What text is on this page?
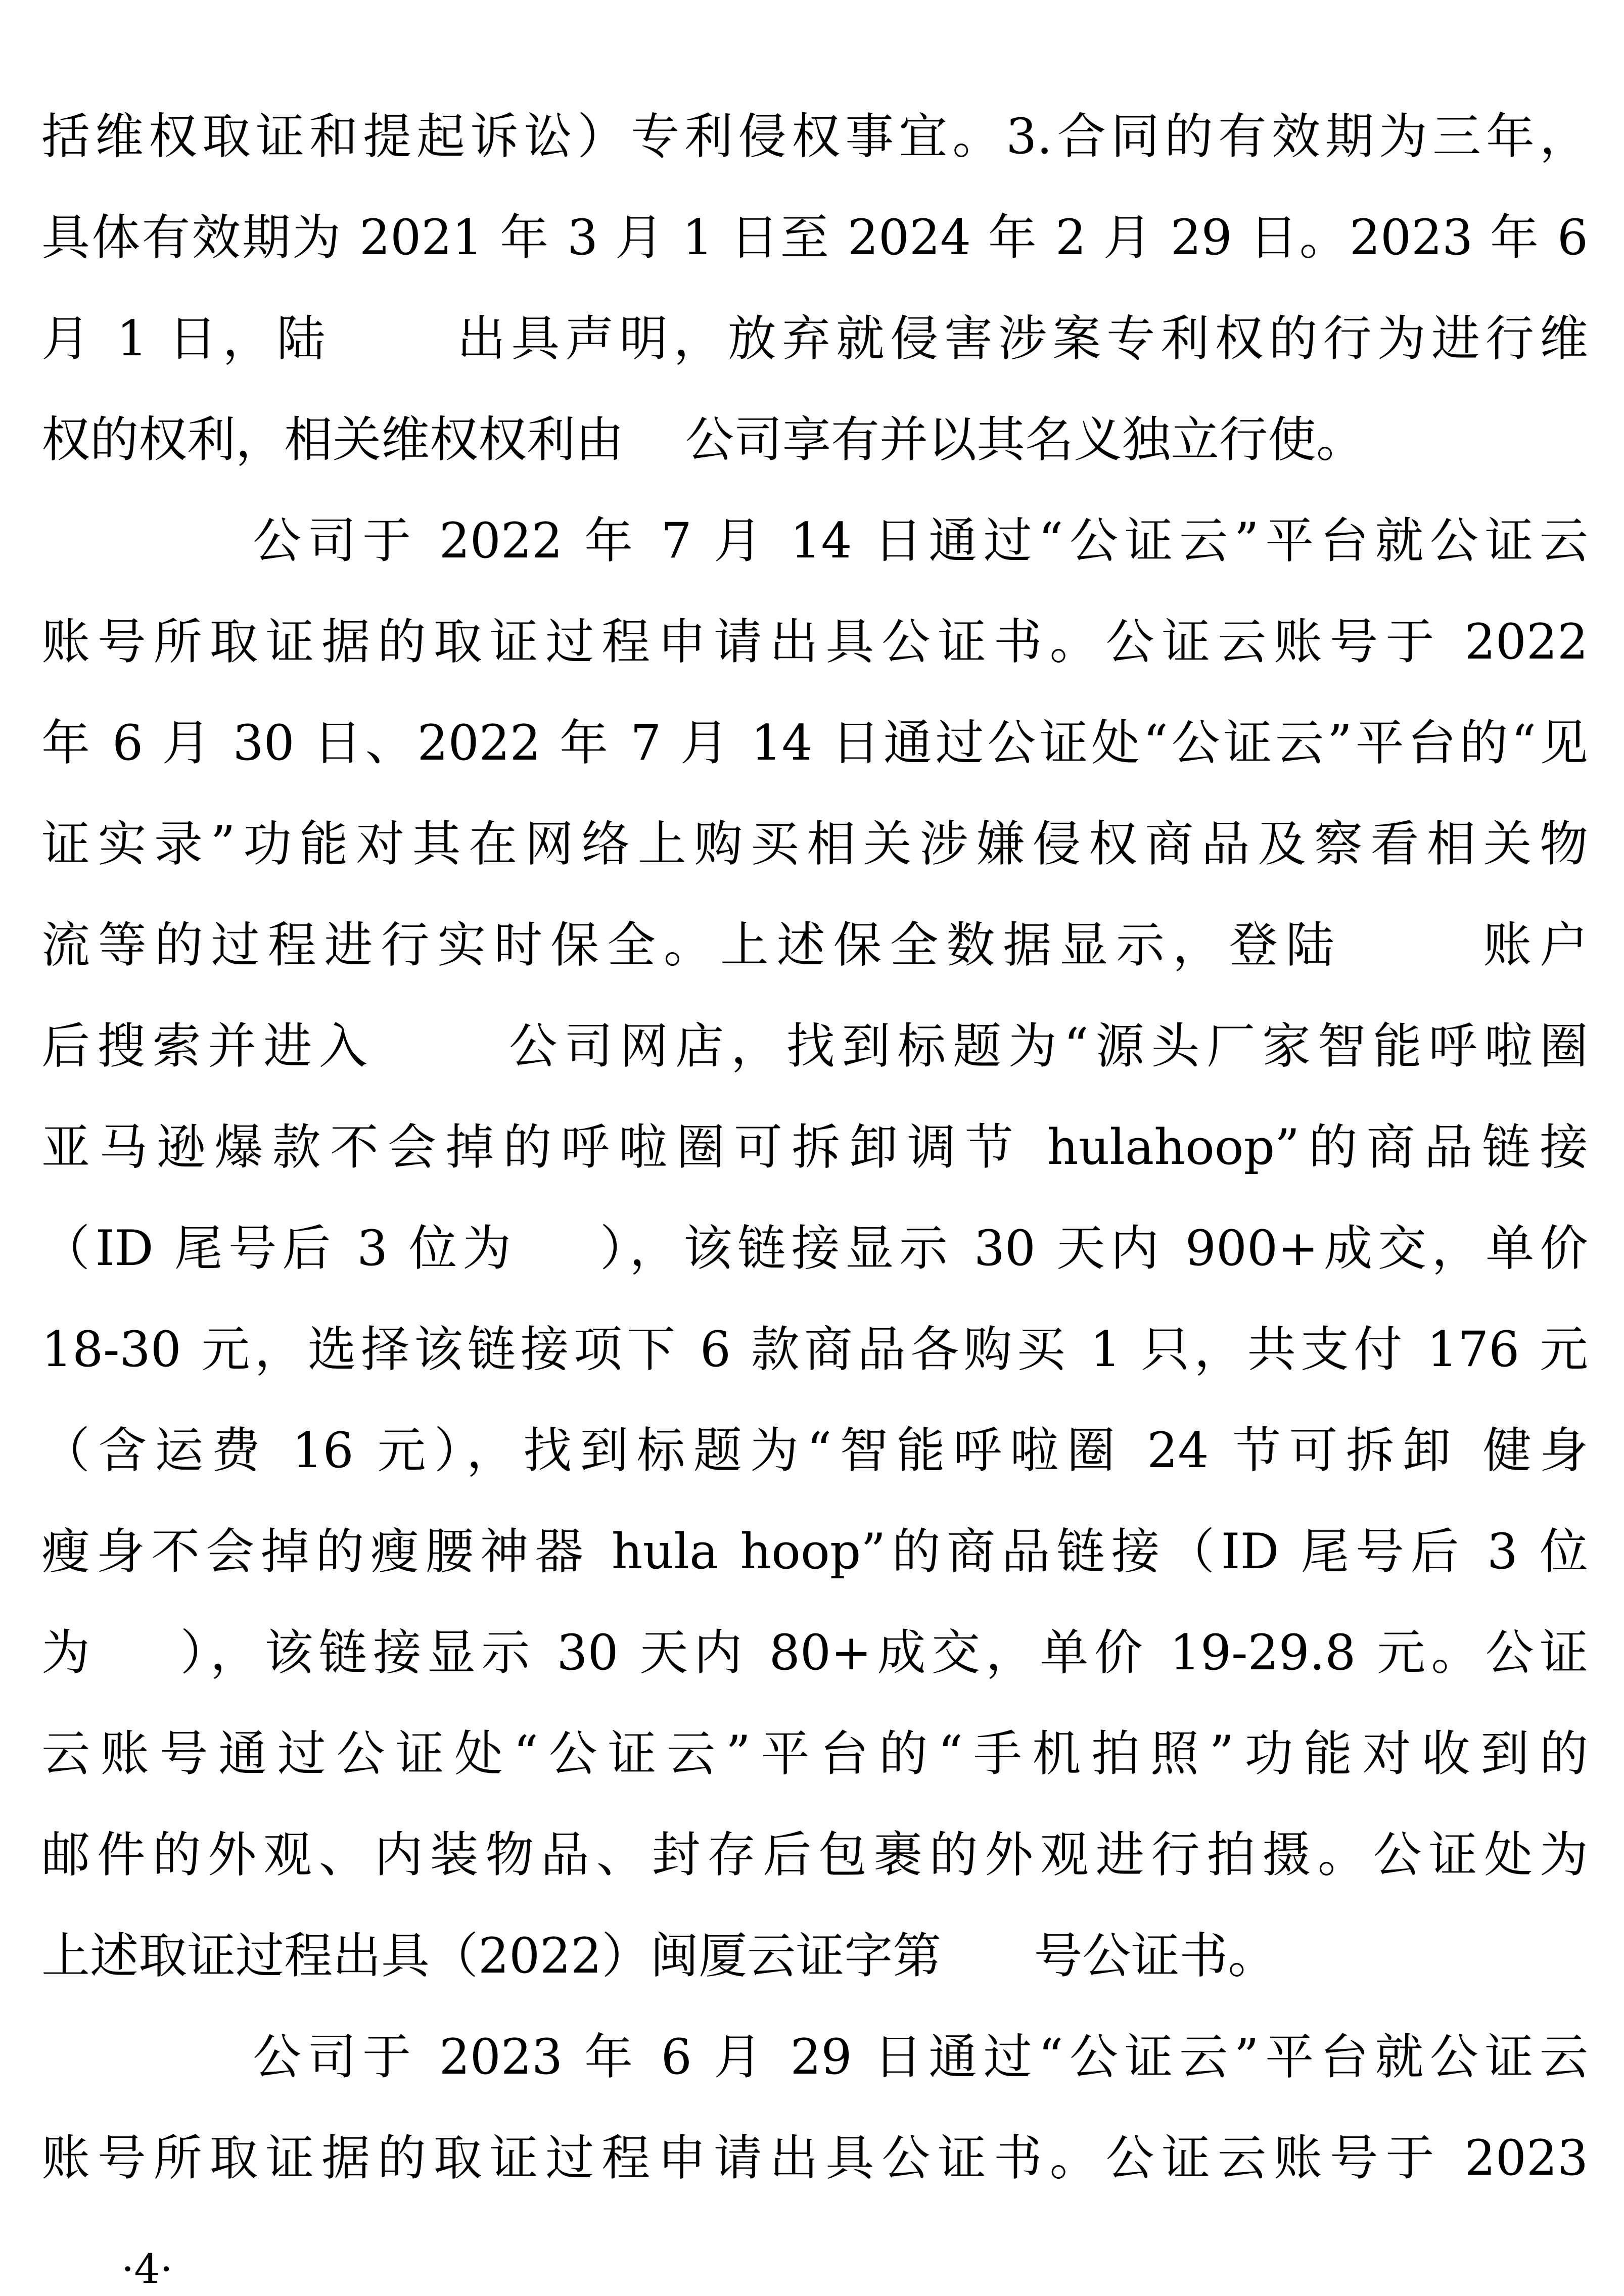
括维权取证和提起诉讼）专利侵权事宜。3.合同的有效期为三年，
具体有效期为 2021 年 3 月 1 日至 2024 年 2 月 29 日。2023 年 6
月 1 日，陆      出具声明，放弃就侵害涉案专利权的行为进行维
权的权利，相关维权权利由    公司享有并以其名义独立行使。
公司于 2022 年 7 月 14 日通过“公证云”平台就公证云
账号所取证据的取证过程申请出具公证书。公证云账号于 2022
年 6 月 30 日、2022 年 7 月 14 日通过公证处“公证云”平台的“见
证实录”功能对其在网络上购买相关涉嫌侵权商品及察看相关物
流等的过程进行实时保全。上述保全数据显示，登陆      账户
后搜索并进入      公司网店，找到标题为“源头厂家智能呼啦圈
亚马逊爆款不会掉的呼啦圈可拆卸调节 hulahoop”的商品链接
（ID 尾号后 3 位为    ），该链接显示 30 天内 900+成交，单价
18-30 元，选择该链接项下 6 款商品各购买 1 只，共支付 176 元
（含运费 16 元），找到标题为“智能呼啦圈 24 节可拆卸 健身
瘦身不会掉的瘦腰神器 hula hoop”的商品链接（ID 尾号后 3 位
为    ），该链接显示 30 天内 80+成交，单价 19-29.8 元。公证
云账号通过公证处“公证云”平台的“手机拍照”功能对收到的
邮件的外观、内装物品、封存后包裹的外观进行拍摄。公证处为
上述取证过程出具（2022）闽厦云证字第      号公证书。
公司于 2023 年 6 月 29 日通过“公证云”平台就公证云
账号所取证据的取证过程申请出具公证书。公证云账号于 2023
·4·
